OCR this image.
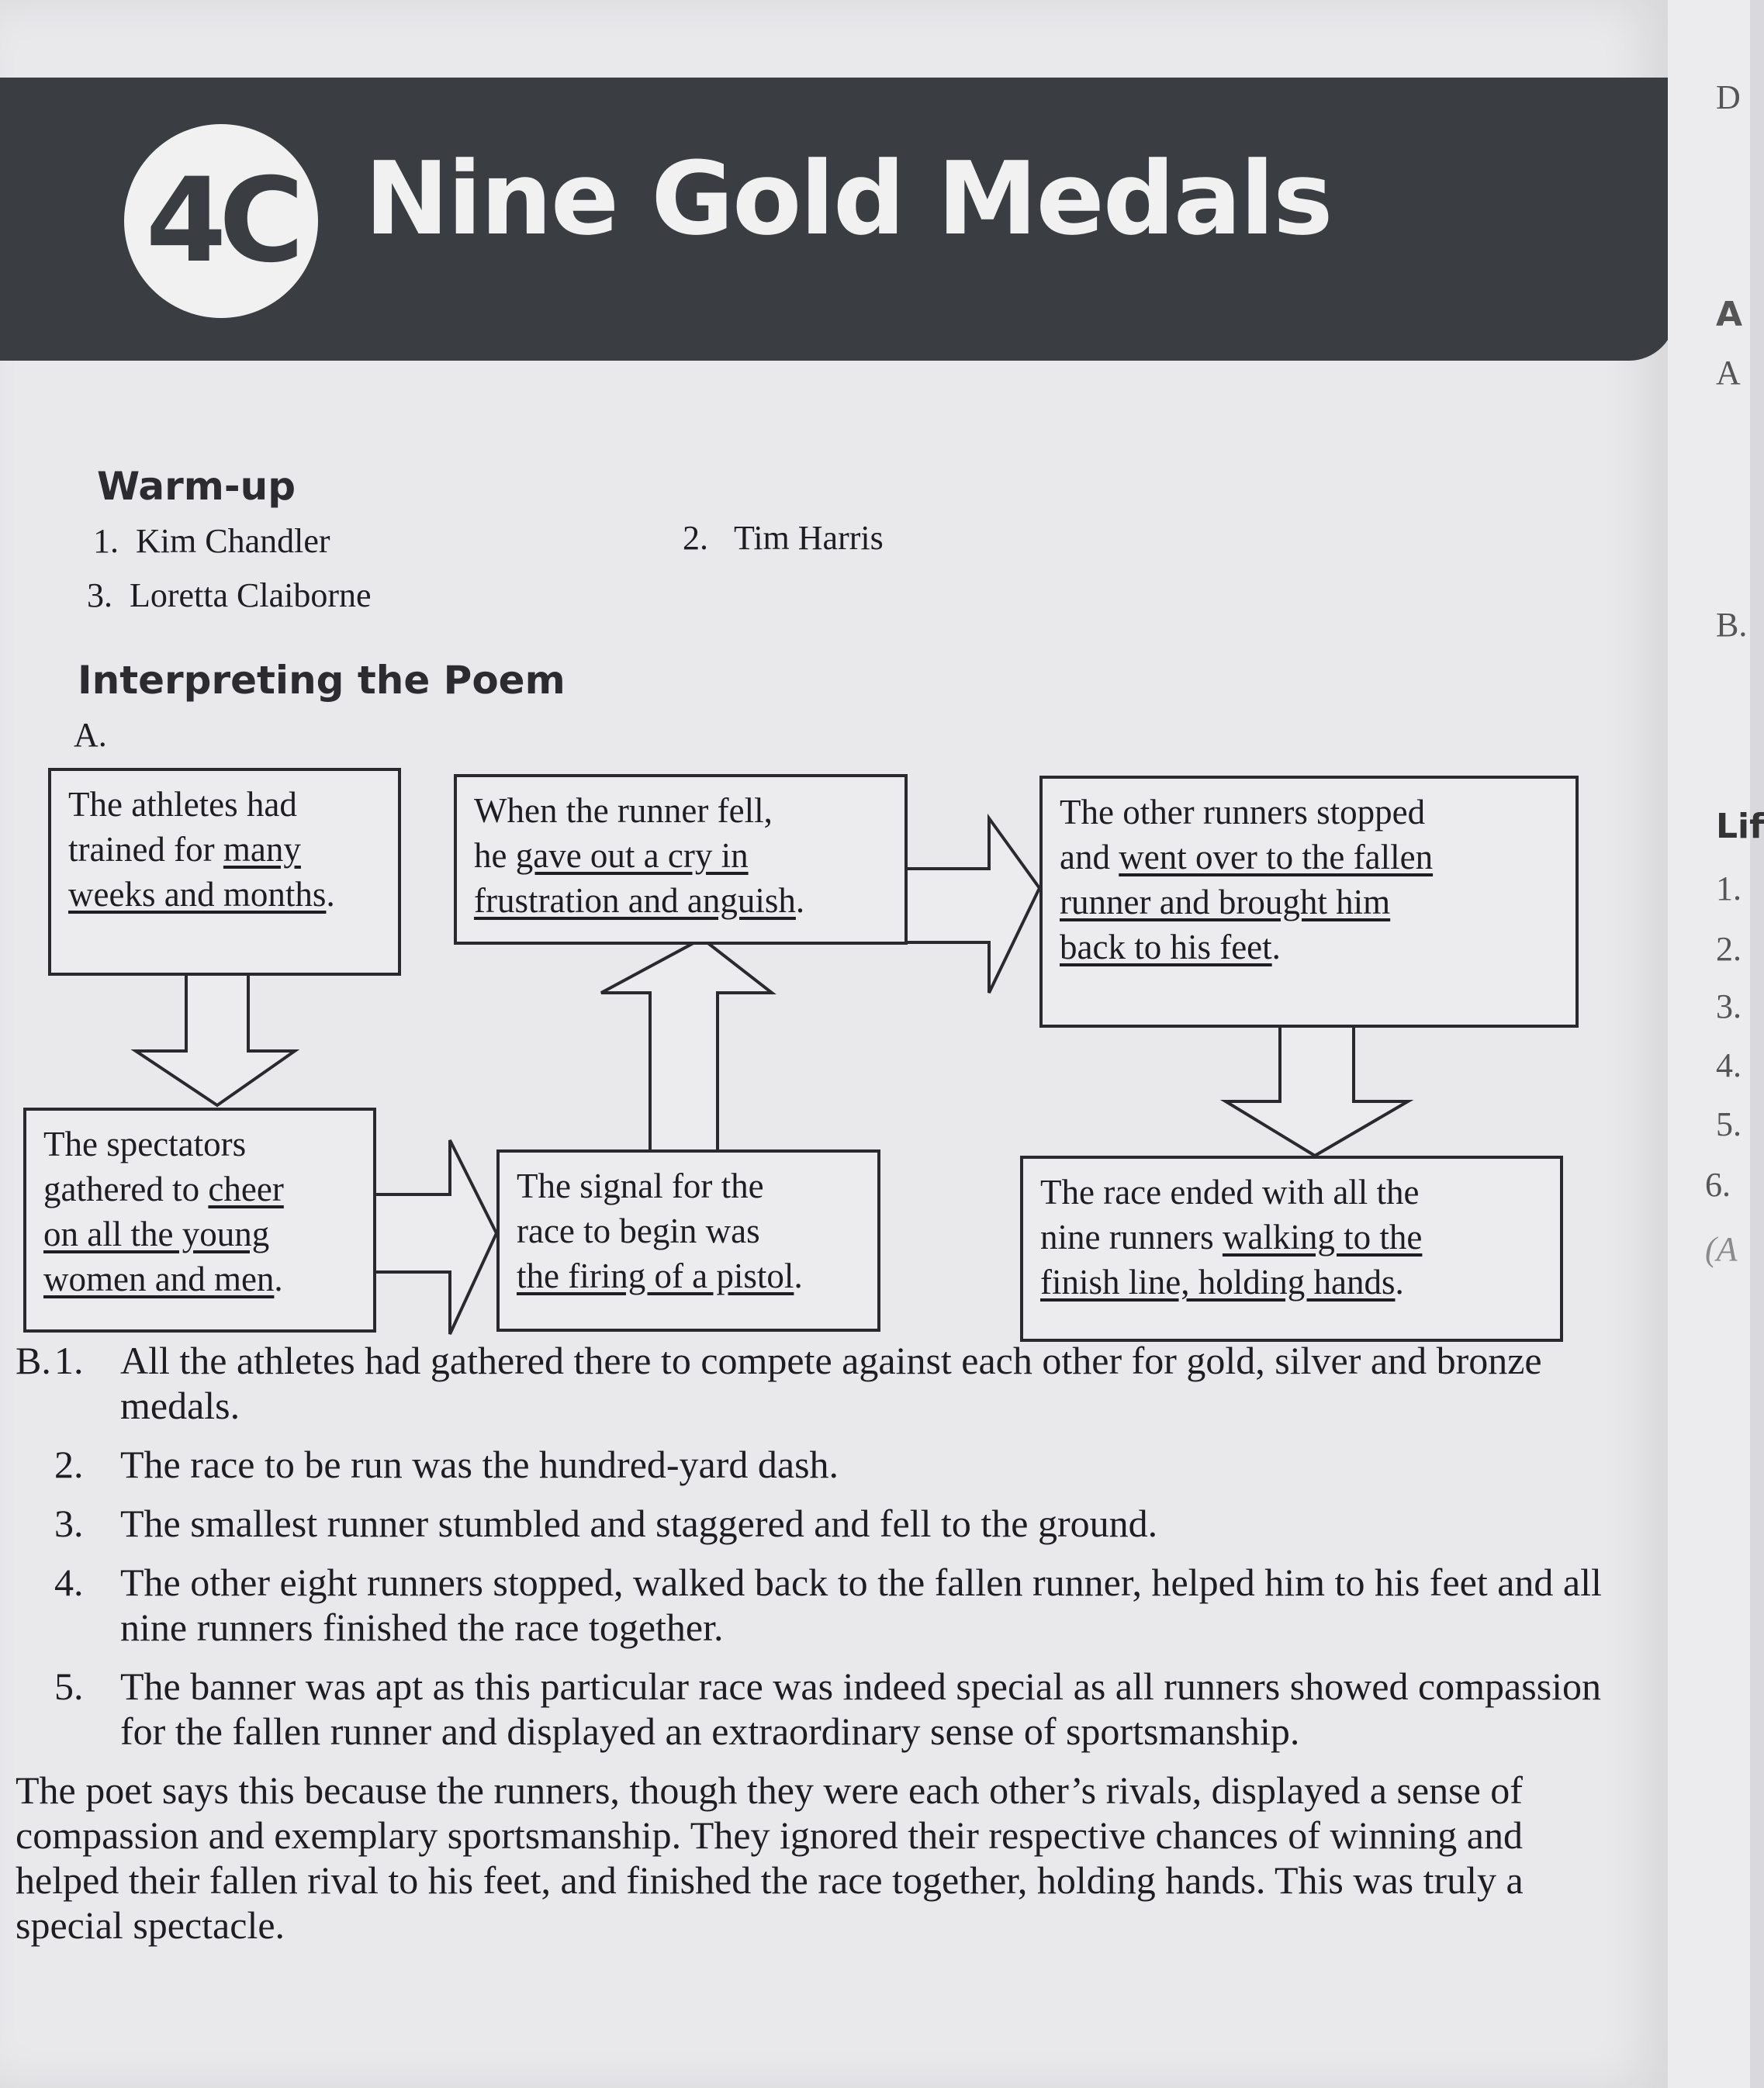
4C Nine Gold Medals
Warm-up
1. Kim Chandler	2. Tim Harris
3. Loretta Claiborne
Interpreting the Poem
A.
The athletes had
trained for many
weeks and months.
When the runner fell,
he gave out a cry in
frustration and anguish.
The other runners stopped
and went over to the fallen
runner and brought him
back to his feet.
The spectators
gathered to cheer
on all the young
women and men.
The signal for the
race to begin was
the firing of a pistol.
The race ended with all the
nine runners walking to the
finish line, holding hands.
B. 1. All the athletes had gathered there to compete against each other for gold, silver and bronze medals.
2. The race to be run was the hundred-yard dash.
3. The smallest runner stumbled and staggered and fell to the ground.
4. The other eight runners stopped, walked back to the fallen runner, helped him to his feet and all nine runners finished the race together.
5. The banner was apt as this particular race was indeed special as all runners showed compassion for the fallen runner and displayed an extraordinary sense of sportsmanship.
The poet says this because the runners, though they were each other’s rivals, displayed a sense of compassion and exemplary sportsmanship. They ignored their respective chances of winning and helped their fallen rival to his feet, and finished the race together, holding hands. This was truly a special spectacle.
D
A
A
B.
Lif
1.
2.
3.
4.
5.
6.
(A
